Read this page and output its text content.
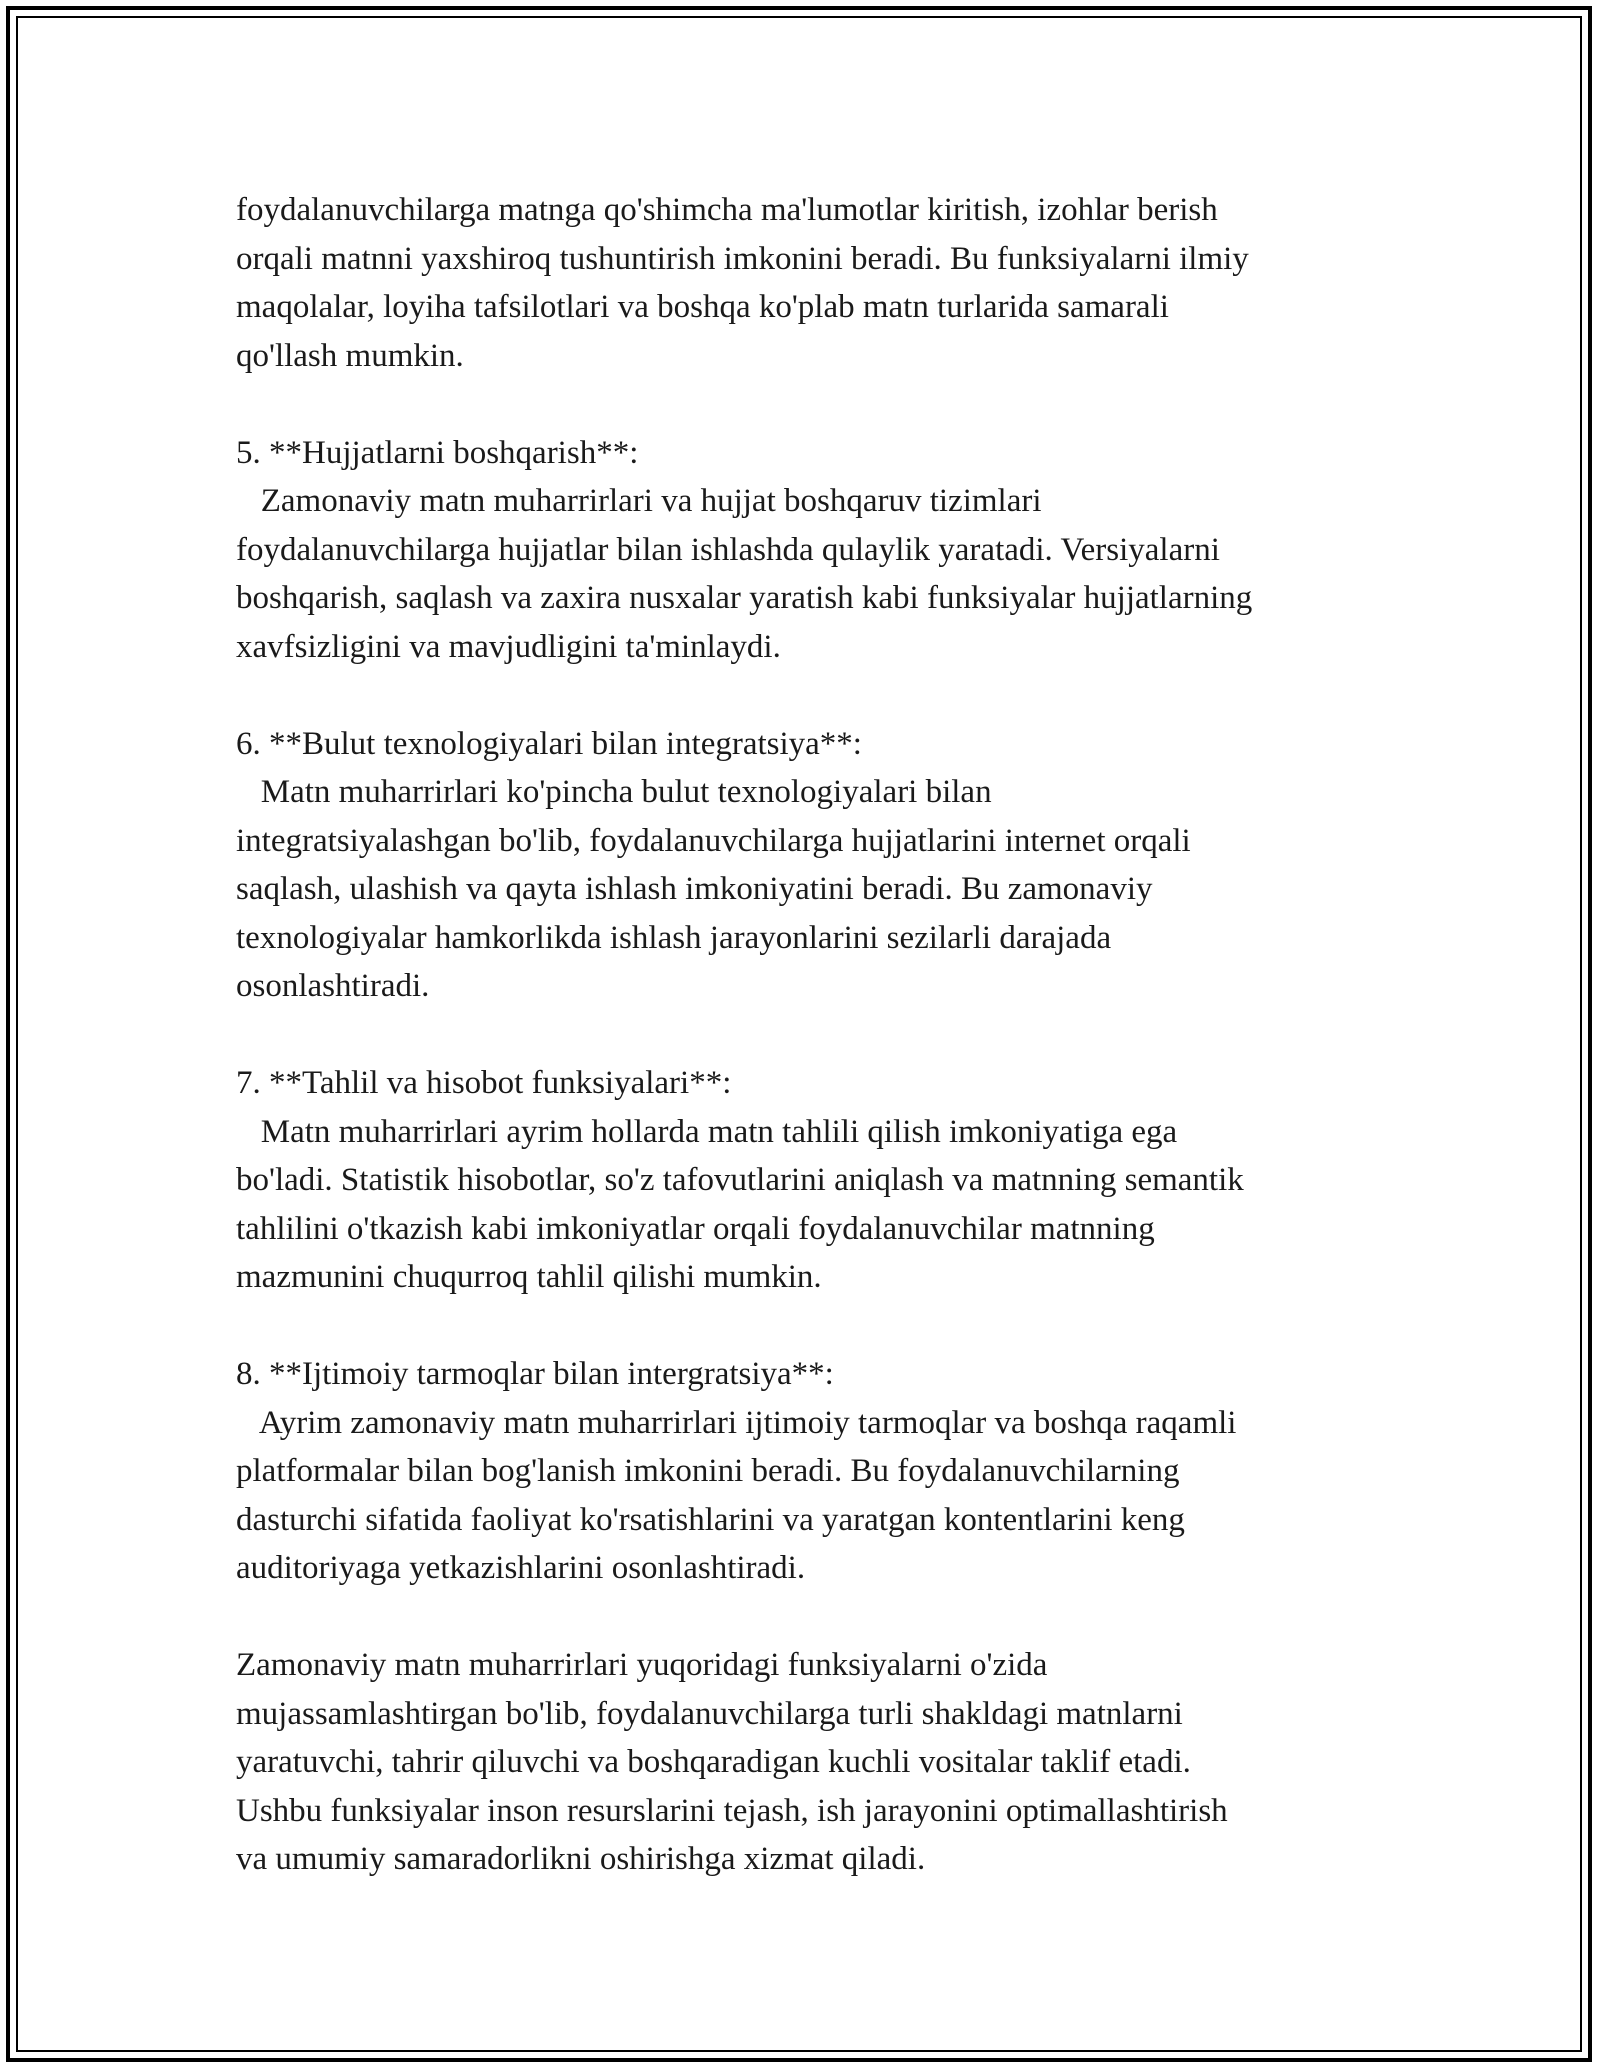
foydalanuvchilarga matnga qo'shimcha ma'lumotlar kiritish, izohlar berish
orqali matnni yaxshiroq tushuntirish imkonini beradi. Bu funksiyalarni ilmiy
maqolalar, loyiha tafsilotlari va boshqa ko'plab matn turlarida samarali
qo'llash mumkin.
5. **Hujjatlarni boshqarish**:
Zamonaviy matn muharrirlari va hujjat boshqaruv tizimlari
foydalanuvchilarga hujjatlar bilan ishlashda qulaylik yaratadi. Versiyalarni
boshqarish, saqlash va zaxira nusxalar yaratish kabi funksiyalar hujjatlarning
xavfsizligini va mavjudligini ta'minlaydi.
6. **Bulut texnologiyalari bilan integratsiya**:
Matn muharrirlari ko'pincha bulut texnologiyalari bilan
integratsiyalashgan bo'lib, foydalanuvchilarga hujjatlarini internet orqali
saqlash, ulashish va qayta ishlash imkoniyatini beradi. Bu zamonaviy
texnologiyalar hamkorlikda ishlash jarayonlarini sezilarli darajada
osonlashtiradi.
7. **Tahlil va hisobot funksiyalari**:
Matn muharrirlari ayrim hollarda matn tahlili qilish imkoniyatiga ega
bo'ladi. Statistik hisobotlar, so'z tafovutlarini aniqlash va matnning semantik
tahlilini o'tkazish kabi imkoniyatlar orqali foydalanuvchilar matnning
mazmunini chuqurroq tahlil qilishi mumkin.
8. **Ijtimoiy tarmoqlar bilan intergratsiya**:
Ayrim zamonaviy matn muharrirlari ijtimoiy tarmoqlar va boshqa raqamli
platformalar bilan bog'lanish imkonini beradi. Bu foydalanuvchilarning
dasturchi sifatida faoliyat ko'rsatishlarini va yaratgan kontentlarini keng
auditoriyaga yetkazishlarini osonlashtiradi.
Zamonaviy matn muharrirlari yuqoridagi funksiyalarni o'zida
mujassamlashtirgan bo'lib, foydalanuvchilarga turli shakldagi matnlarni
yaratuvchi, tahrir qiluvchi va boshqaradigan kuchli vositalar taklif etadi.
Ushbu funksiyalar inson resurslarini tejash, ish jarayonini optimallashtirish
va umumiy samaradorlikni oshirishga xizmat qiladi.
